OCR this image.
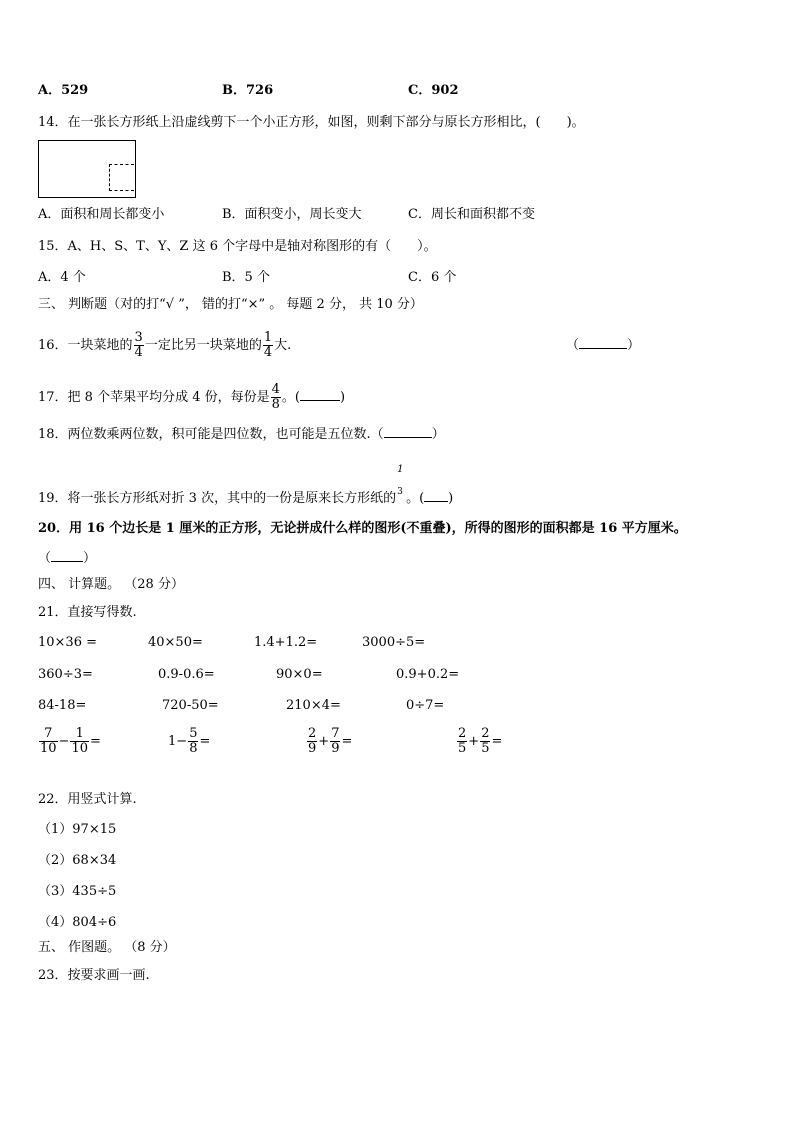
A．529	B．726	C．902
14．在一张长方形纸上沿虚线剪下一个小正方形，如图，则剩下部分与原长方形相比，(　　)。
A．面积和周长都变小	B．面积变小，周长变大	C．周长和面积都不变
15．A、H、S、T、Y、Z 这 6 个字母中是轴对称图形的有（　　）。
A．4 个	B．5 个	C．6 个
三、 判断题（对的打“√ ”， 错的打“×” 。 每题 2 分， 共 10 分）
16．一块菜地的 $\frac{3}{4}$ 一定比另一块菜地的 $\frac{1}{4}$ 大.	（	）
17．把 8 个苹果平均分成 4 份，每份是 $\frac{4}{8}$ 。(	)
18．两位数乘两位数，积可能是四位数，也可能是五位数.（	）
19．将一张长方形纸对折 3 次，其中的一份是原来长方形纸的
1
3 。( )
20．用 16 个边长是 1 厘米的正方形，无论拼成什么样的图形(不重叠)，所得的图形的面积都是 16 平方厘米。
（ ）
四、 计算题。 （28 分）
21．直接写得数.
10×36 =	40×50=	1.4+1.2=	3000÷5=
360÷3=	0.9-0.6=	90×0=	0.9+0.2=
84-18=	720-50=	210×4=	0÷7=
$\frac{7}{10} - \frac{1}{10}$ =	$1- \frac{5}{8}$ =	$\frac{2}{9} + \frac{7}{9}$ =	$\frac{2}{5} + \frac{2}{5}$ =
22．用竖式计算.
（1）97×15
（2）68×34
（3）435÷5
（4）804÷6
五、 作图题。 （8 分）
23．按要求画一画.
